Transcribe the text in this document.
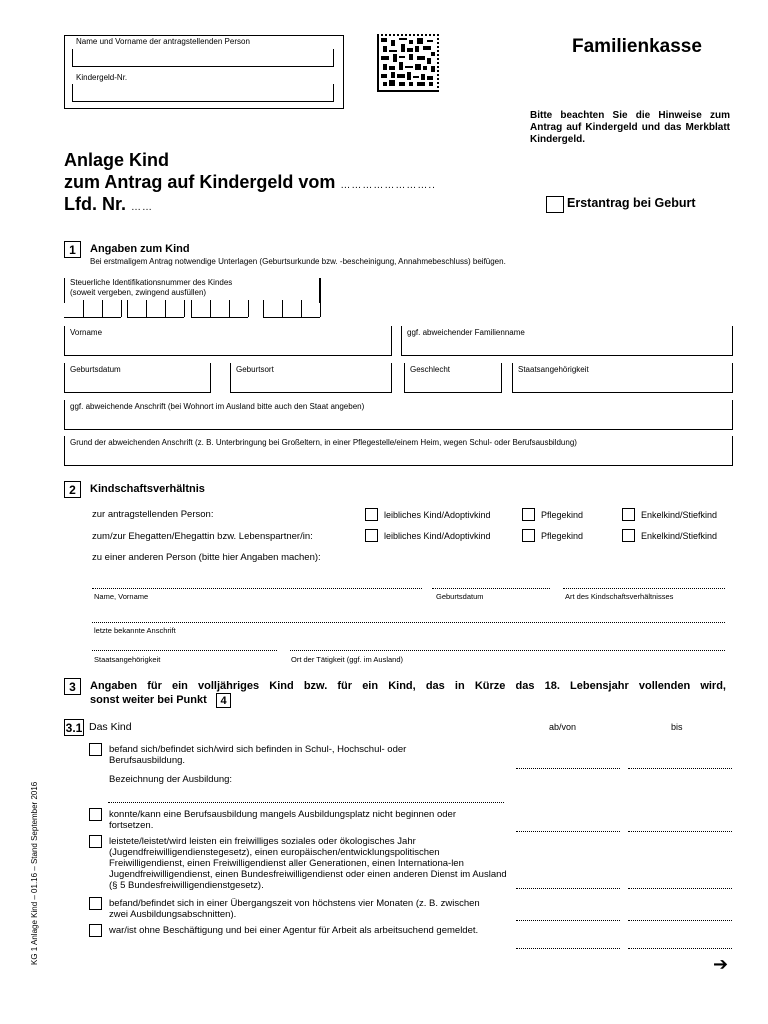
Name und Vorname der antragstellenden Person
Kindergeld-Nr.
Familienkasse
Bitte beachten Sie die Hinweise zum Antrag auf Kindergeld und das Merkblatt Kindergeld.
Anlage Kind
zum Antrag auf Kindergeld vom ……………………..
Lfd. Nr. ……	Erstantrag bei Geburt
1	Angaben zum Kind
Bei erstmaligem Antrag notwendige Unterlagen (Geburtsurkunde bzw. -bescheinigung, Annahmebeschluss) beifügen.
Steuerliche Identifikationsnummer des Kindes
(soweit vergeben, zwingend ausfüllen)
Vorname	ggf. abweichender Familienname
Geburtsdatum	Geburtsort	Geschlecht	Staatsangehörigkeit
ggf. abweichende Anschrift (bei Wohnort im Ausland bitte auch den Staat angeben)
Grund der abweichenden Anschrift (z. B. Unterbringung bei Großeltern, in einer Pflegestelle/einem Heim, wegen Schul- oder Berufsausbildung)
2	Kindschaftsverhältnis
zur antragstellenden Person:	leibliches Kind/Adoptivkind	Pflegekind	Enkelkind/Stiefkind
zum/zur Ehegatten/Ehegattin bzw. Lebenspartner/in:	leibliches Kind/Adoptivkind	Pflegekind	Enkelkind/Stiefkind
zu einer anderen Person (bitte hier Angaben machen):
Name, Vorname	Geburtsdatum	Art des Kindschaftsverhältnisses
letzte bekannte Anschrift
Staatsangehörigkeit	Ort der Tätigkeit (ggf. im Ausland)
3	Angaben für ein volljähriges Kind bzw. für ein Kind, das in Kürze das 18. Lebensjahr vollenden wird,
sonst weiter bei Punkt	4
3.1 Das Kind	ab/von	bis
befand sich/befindet sich/wird sich befinden in Schul-, Hochschul- oder Berufsausbildung.
Bezeichnung der Ausbildung:
konnte/kann eine Berufsausbildung mangels Ausbildungsplatz nicht beginnen oder fortsetzen.
leistete/leistet/wird leisten ein freiwilliges soziales oder ökologisches Jahr (Jugendfreiwilligendienstegesetz), einen europäischen/entwicklungspolitischen Freiwilligendienst, einen Freiwilligendienst aller Generationen, einen Internationa-len Jugendfreiwilligendienst, einen Bundesfreiwilligendienst oder einen anderen Dienst im Ausland (§ 5 Bundesfreiwilligendienstgesetz).
befand/befindet sich in einer Übergangszeit von höchstens vier Monaten (z. B. zwischen zwei Ausbildungsabschnitten).
war/ist ohne Beschäftigung und bei einer Agentur für Arbeit als arbeitsuchend gemeldet.
➔
KG 1 Anlage Kind – 01.16 – Stand September 2016
